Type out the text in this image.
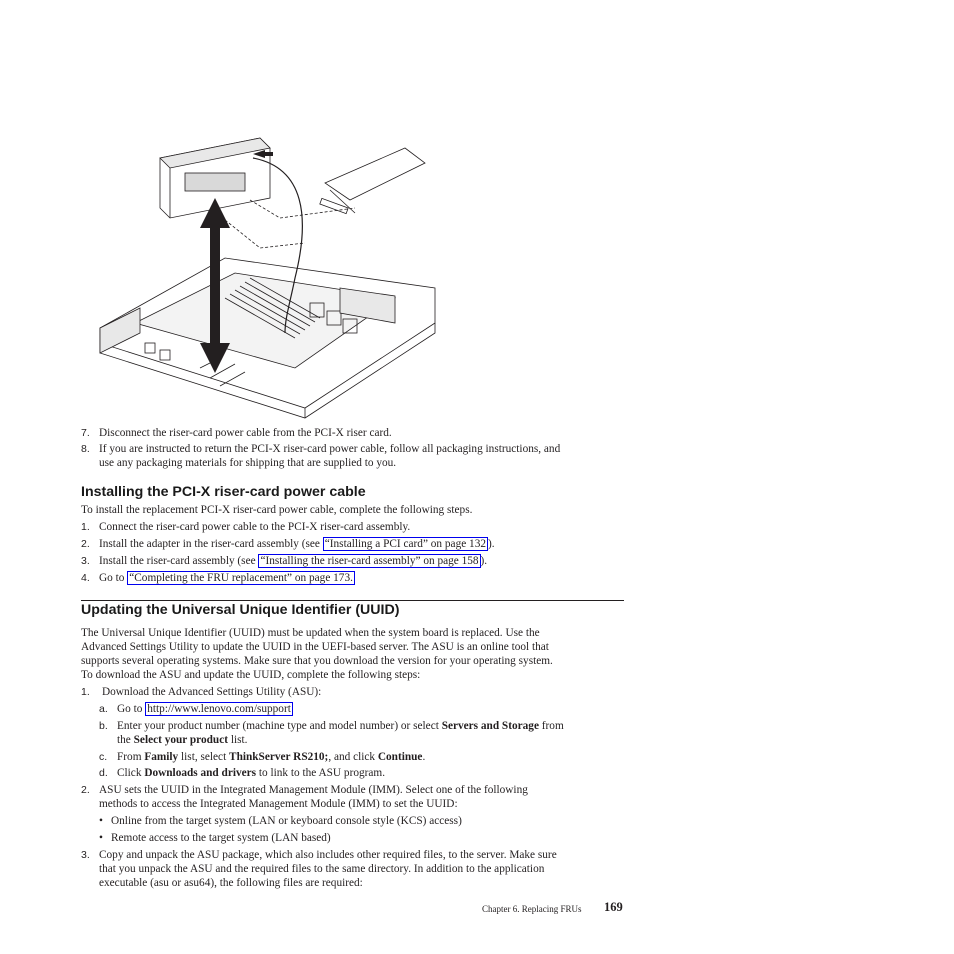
7. Disconnect the riser-card power cable from the PCI-X riser card.
8. If you are instructed to return the PCI-X riser-card power cable, follow all packaging instructions, and
use any packaging materials for shipping that are supplied to you.
Installing the PCI-X riser-card power cable
To install the replacement PCI-X riser-card power cable, complete the following steps.
1. Connect the riser-card power cable to the PCI-X riser-card assembly.
2. Install the adapter in the riser-card assembly (see “Installing a PCI card” on page 132 ).
3. Install the riser-card assembly (see “Installing the riser-card assembly” on page 158 ).
4. Go to “Completing the FRU replacement” on page 173.
Updating the Universal Unique Identifier (UUID)
The Universal Unique Identifier (UUID) must be updated when the system board is replaced. Use the
Advanced Settings Utility to update the UUID in the UEFI-based server. The ASU is an online tool that
supports several operating systems. Make sure that you download the version for your operating system.
To download the ASU and update the UUID, complete the following steps:
1. Download the Advanced Settings Utility (ASU):
a. Go to http://www.lenovo.com/support
b. Enter your product number (machine type and model number) or select Servers and Storage from
the Select your product list.
c. From Family list, select ThinkServer RS210;, and click Continue.
d. Click Downloads and drivers to link to the ASU program.
2. ASU sets the UUID in the Integrated Management Module (IMM). Select one of the following
methods to access the Integrated Management Module (IMM) to set the UUID:
• Online from the target system (LAN or keyboard console style (KCS) access)
• Remote access to the target system (LAN based)
3. Copy and unpack the ASU package, which also includes other required files, to the server. Make sure
that you unpack the ASU and the required files to the same directory. In addition to the application
executable (asu or asu64), the following files are required:
Chapter 6. Replacing FRUs 169
